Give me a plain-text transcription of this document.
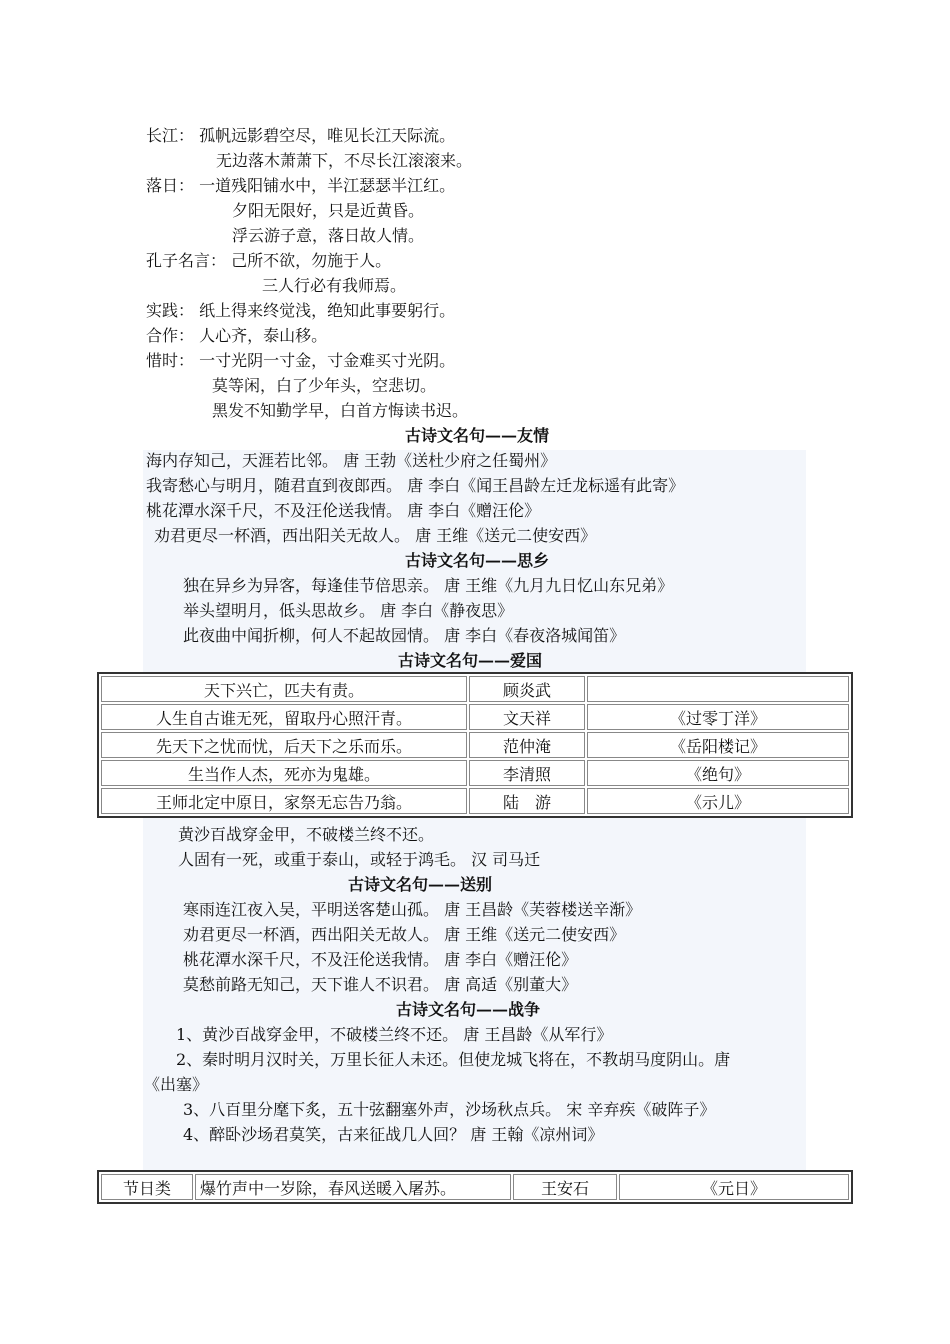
长江： 孤帆远影碧空尽，唯见长江天际流。
无边落木萧萧下，不尽长江滚滚来。
落日： 一道残阳铺水中，半江瑟瑟半江红。
夕阳无限好，只是近黄昏。
浮云游子意，落日故人情。
孔子名言： 己所不欲，勿施于人。
三人行必有我师焉。
实践： 纸上得来终觉浅，绝知此事要躬行。
合作： 人心齐，泰山移。
惜时： 一寸光阴一寸金，寸金难买寸光阴。
莫等闲，白了少年头，空悲切。
黑发不知勤学早，白首方悔读书迟。
古诗文名句——友情
海内存知己，天涯若比邻。 唐 王勃《送杜少府之任蜀州》
我寄愁心与明月，随君直到夜郎西。 唐 李白《闻王昌龄左迁龙标遥有此寄》
桃花潭水深千尺，不及汪伦送我情。 唐 李白《赠汪伦》
劝君更尽一杯酒，西出阳关无故人。 唐 王维《送元二使安西》
古诗文名句——思乡
独在异乡为异客，每逢佳节倍思亲。 唐 王维《九月九日忆山东兄弟》
举头望明月，低头思故乡。 唐 李白《静夜思》
此夜曲中闻折柳，何人不起故园情。 唐 李白《春夜洛城闻笛》
古诗文名句——爱国
天下兴亡，匹夫有责。	顾炎武	
人生自古谁无死，留取丹心照汗青。	文天祥	《过零丁洋》
先天下之忧而忧，后天下之乐而乐。	范仲淹	《岳阳楼记》
生当作人杰，死亦为鬼雄。	李清照	《绝句》
王师北定中原日，家祭无忘告乃翁。	陆　游	《示儿》
黄沙百战穿金甲，不破楼兰终不还。
人固有一死，或重于泰山，或轻于鸿毛。 汉 司马迁
古诗文名句——送别
寒雨连江夜入吴，平明送客楚山孤。 唐 王昌龄《芙蓉楼送辛渐》
劝君更尽一杯酒，西出阳关无故人。 唐 王维《送元二使安西》
桃花潭水深千尺，不及汪伦送我情。 唐 李白《赠汪伦》
莫愁前路无知己，天下谁人不识君。 唐 高适《别董大》
古诗文名句——战争
1、黄沙百战穿金甲，不破楼兰终不还。 唐 王昌龄《从军行》
2、秦时明月汉时关，万里长征人未还。但使龙城飞将在，不教胡马度阴山。唐
《出塞》
3、八百里分麾下炙，五十弦翻塞外声，沙场秋点兵。 宋 辛弃疾《破阵子》
4、醉卧沙场君莫笑，古来征战几人回？ 唐 王翰《凉州词》
节日类	爆竹声中一岁除，春风送暖入屠苏。	王安石	《元日》
